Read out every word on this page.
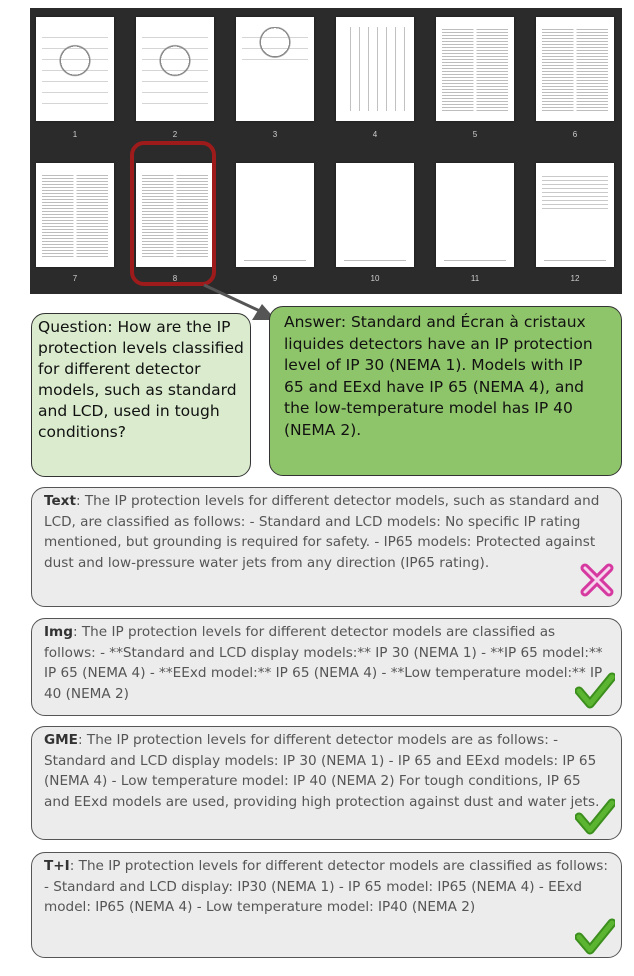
1	2	3	4	5	6
7	8	9	10	11	12
Question: How are the IP protection levels classified for different detector models, such as standard and LCD, used in tough conditions?
Answer: Standard and Écran à cristaux liquides detectors have an IP protection level of IP 30 (NEMA 1). Models with IP 65 and EExd have IP 65 (NEMA 4), and the low-temperature model has IP 40 (NEMA 2).
Text: The IP protection levels for different detector models, such as standard and LCD, are classified as follows: - Standard and LCD models: No specific IP rating mentioned, but grounding is required for safety. - IP65 models: Protected against dust and low-pressure water jets from any direction (IP65 rating).
Img: The IP protection levels for different detector models are classified as follows: - **Standard and LCD display models:** IP 30 (NEMA 1) - **IP 65 model:** IP 65 (NEMA 4) - **EExd model:** IP 65 (NEMA 4) - **Low temperature model:** IP 40 (NEMA 2)
GME: The IP protection levels for different detector models are as follows: - Standard and LCD display models: IP 30 (NEMA 1) - IP 65 and EExd models: IP 65 (NEMA 4) - Low temperature model: IP 40 (NEMA 2) For tough conditions, IP 65 and EExd models are used, providing high protection against dust and water jets.
T+I: The IP protection levels for different detector models are classified as follows: - Standard and LCD display: IP30 (NEMA 1) - IP 65 model: IP65 (NEMA 4) - EExd model: IP65 (NEMA 4) - Low temperature model: IP40 (NEMA 2)
